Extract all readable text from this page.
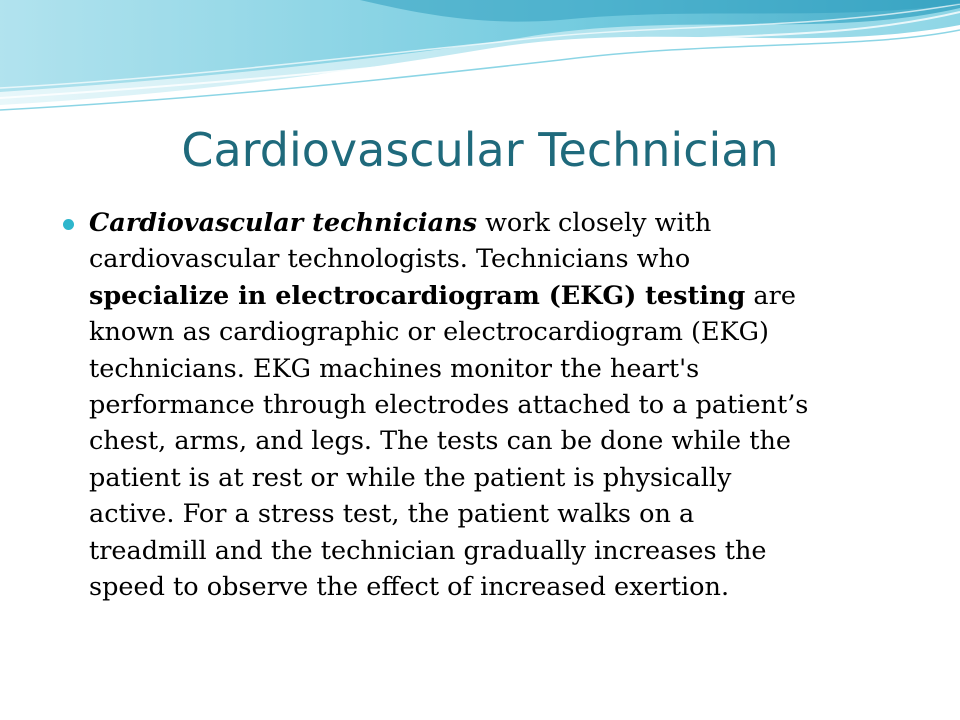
Cardiovascular Technician
Cardiovascular technicians work closely with
cardiovascular technologists. Technicians who
specialize in electrocardiogram (EKG) testing are
known as cardiographic or electrocardiogram (EKG)
technicians. EKG machines monitor the heart's
performance through electrodes attached to a patient’s
chest, arms, and legs. The tests can be done while the
patient is at rest or while the patient is physically
active. For a stress test, the patient walks on a
treadmill and the technician gradually increases the
speed to observe the effect of increased exertion.
